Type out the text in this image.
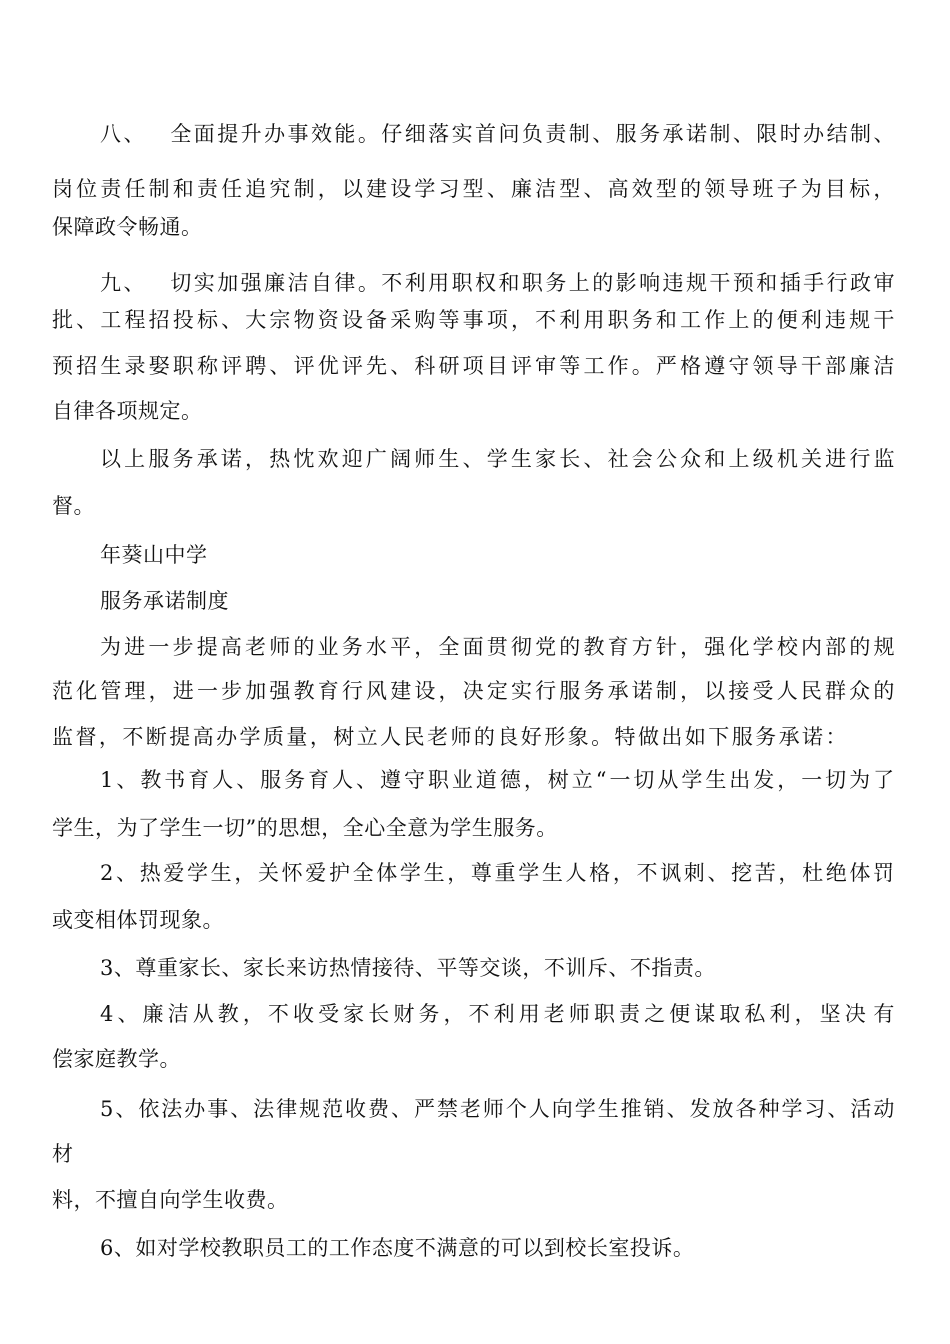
八 、
　 全 面 提 升 办 事 效 能 。 仔 细 落 实 首 问 负 责 制 、 服 务 承 诺 制 、 限 时 办 结 制 、
岗 位 责 任 制 和 责 任 追 究 制 ， 以 建 设 学 习 型 、 廉 洁 型 、 高 效 型 的 领 导 班 子 为 目 标 ，
保障政令畅通。
九 、
　 切 实 加 强 廉 洁 自 律 。 不 利 用 职 权 和 职 务 上 的 影 响 违 规 干 预 和 插 手 行 政 审
批 、 工 程 招 投 标 、 大 宗 物 资 设 备 采 购 等 事 项 ， 不 利 用 职 务 和 工 作 上 的 便 利 违 规 干
预 招 生 录 娶 职 称 评 聘 、 评 优 评 先 、 科 研 项 目 评 审 等 工 作 。 严 格 遵 守 领 导 干 部 廉 洁
自律各项规定。
以 上 服 务 承 诺 ， 热 忱 欢 迎 广 阔 师 生 、 学 生 家 长 、 社 会 公 众 和 上 级 机 关 进 行 监
督。
年葵山中学
服务承诺制度
为 进 一 步 提 高 老 师 的 业 务 水 平 ， 全 面 贯 彻 党 的 教 育 方 针 ， 强 化 学 校 内 部 的 规
范 化 管 理 ， 进 一 步 加 强 教 育 行 风 建 设 ， 决 定 实 行 服 务 承 诺 制 ， 以 接 受 人 民 群 众 的
监 督 ， 不 断 提 高 办 学 质 量 ， 树 立 人 民 老 师 的 良 好 形 象 。 特 做 出 如 下 服 务 承 诺 ：
1 、 教 书 育 人 、 服 务 育 人 、 遵 守 职 业 道 德 ， 树 立 “ 一 切 从 学 生 出 发 ， 一 切 为 了
学生，为了学生一切”的思想，全心全意为学生服务。
2 、 热 爱 学 生 ， 关 怀 爱 护 全 体 学 生 ， 尊 重 学 生 人 格 ， 不 讽 刺 、 挖 苦 ， 杜 绝 体 罚
或变相体罚现象。
3、尊重家长、家长来访热情接待、平等交谈，不训斥、不指责。
4 、 廉 洁 从 教 ， 不 收 受 家 长 财 务 ， 不 利 用 老 师 职 责 之 便 谋 取 私 利 ， 坚 决 有
偿家庭教学。
5 、 依 法 办 事 、 法 律 规 范 收 费 、 严 禁 老 师 个 人 向 学 生 推 销 、 发 放 各 种 学 习 、 活 动
材
料，不擅自向学生收费。
6、如对学校教职员工的工作态度不满意的可以到校长室投诉。
